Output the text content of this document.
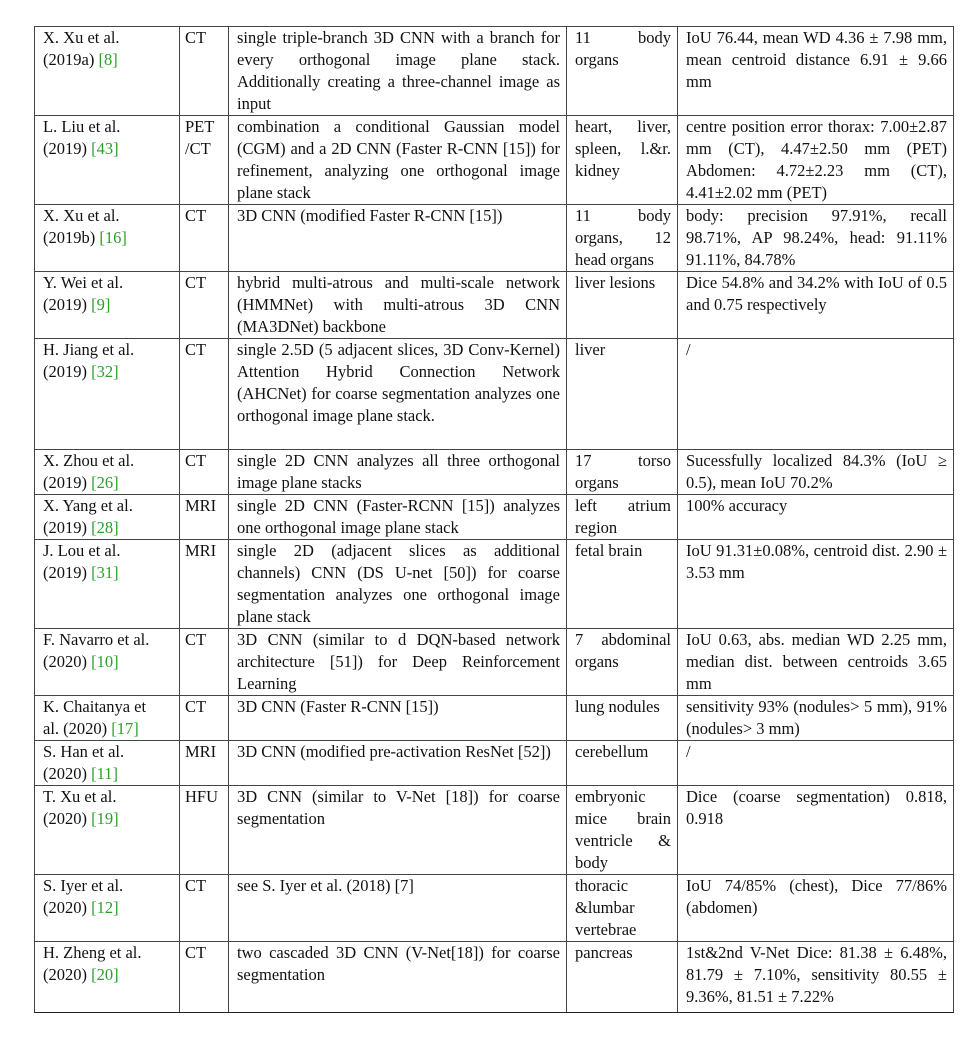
X. Xu et al.
(2019a) [8]	CT	single triple-branch 3D CNN with a branch for every orthogonal image plane stack. Additionally creating a three-channel image as input	11 body organs	IoU 76.44, mean WD 4.36 ± 7.98 mm, mean centroid distance 6.91 ± 9.66 mm
L. Liu et al.
(2019) [43]	PET /CT	combination a conditional Gaussian model (CGM) and a 2D CNN (Faster R-CNN [15]) for refinement, analyzing one orthogonal image plane stack	heart, liver, spleen, l.&r. kidney	centre position error thorax: 7.00±2.87 mm (CT), 4.47±2.50 mm (PET) Abdomen: 4.72±2.23 mm (CT), 4.41±2.02 mm (PET)
X. Xu et al.
(2019b) [16]	CT	3D CNN (modified Faster R-CNN [15])	11 body organs, 12 head organs	body: precision 97.91%, recall 98.71%, AP 98.24%, head: 91.11% 91.11%, 84.78%
Y. Wei et al.
(2019) [9]	CT	hybrid multi-atrous and multi-scale network (HMMNet) with multi-atrous 3D CNN (MA3DNet) backbone	liver lesions	Dice 54.8% and 34.2% with IoU of 0.5 and 0.75 respectively
H. Jiang et al.
(2019) [32]	CT	single 2.5D (5 adjacent slices, 3D Conv-Kernel) Attention Hybrid Connection Network (AHCNet) for coarse segmentation analyzes one orthogonal image plane stack.	liver	/
X. Zhou et al.
(2019) [26]	CT	single 2D CNN analyzes all three orthogonal image plane stacks	17 torso organs	Sucessfully localized 84.3% (IoU ≥ 0.5), mean IoU 70.2%
X. Yang et al.
(2019) [28]	MRI	single 2D CNN (Faster-RCNN [15]) analyzes one orthogonal image plane stack	left atrium region	100% accuracy
J. Lou et al.
(2019) [31]	MRI	single 2D (adjacent slices as additional channels) CNN (DS U-net [50]) for coarse segmentation analyzes one orthogonal image plane stack	fetal brain	IoU 91.31±0.08%, centroid dist. 2.90 ± 3.53 mm
F. Navarro et al.
(2020) [10]	CT	3D CNN (similar to d DQN-based network architecture [51]) for Deep Reinforcement Learning	7 abdominal organs	IoU 0.63, abs. median WD 2.25 mm, median dist. between centroids 3.65 mm
K. Chaitanya et
al. (2020) [17]	CT	3D CNN (Faster R-CNN [15])	lung nodules	sensitivity 93% (nodules> 5 mm), 91% (nodules> 3 mm)
S. Han et al.
(2020) [11]	MRI	3D CNN (modified pre-activation ResNet [52])	cerebellum	/
T. Xu et al.
(2020) [19]	HFU	3D CNN (similar to V-Net [18]) for coarse segmentation	embryonic mice brain ventricle & body	Dice (coarse segmentation) 0.818, 0.918
S. Iyer et al.
(2020) [12]	CT	see S. Iyer et al. (2018) [7]	thoracic &lumbar vertebrae	IoU 74/85% (chest), Dice 77/86% (abdomen)
H. Zheng et al.
(2020) [20]	CT	two cascaded 3D CNN (V-Net[18]) for coarse segmentation	pancreas	1st&2nd V-Net Dice: 81.38 ± 6.48%, 81.79 ± 7.10%, sensitivity 80.55 ± 9.36%, 81.51 ± 7.22%
